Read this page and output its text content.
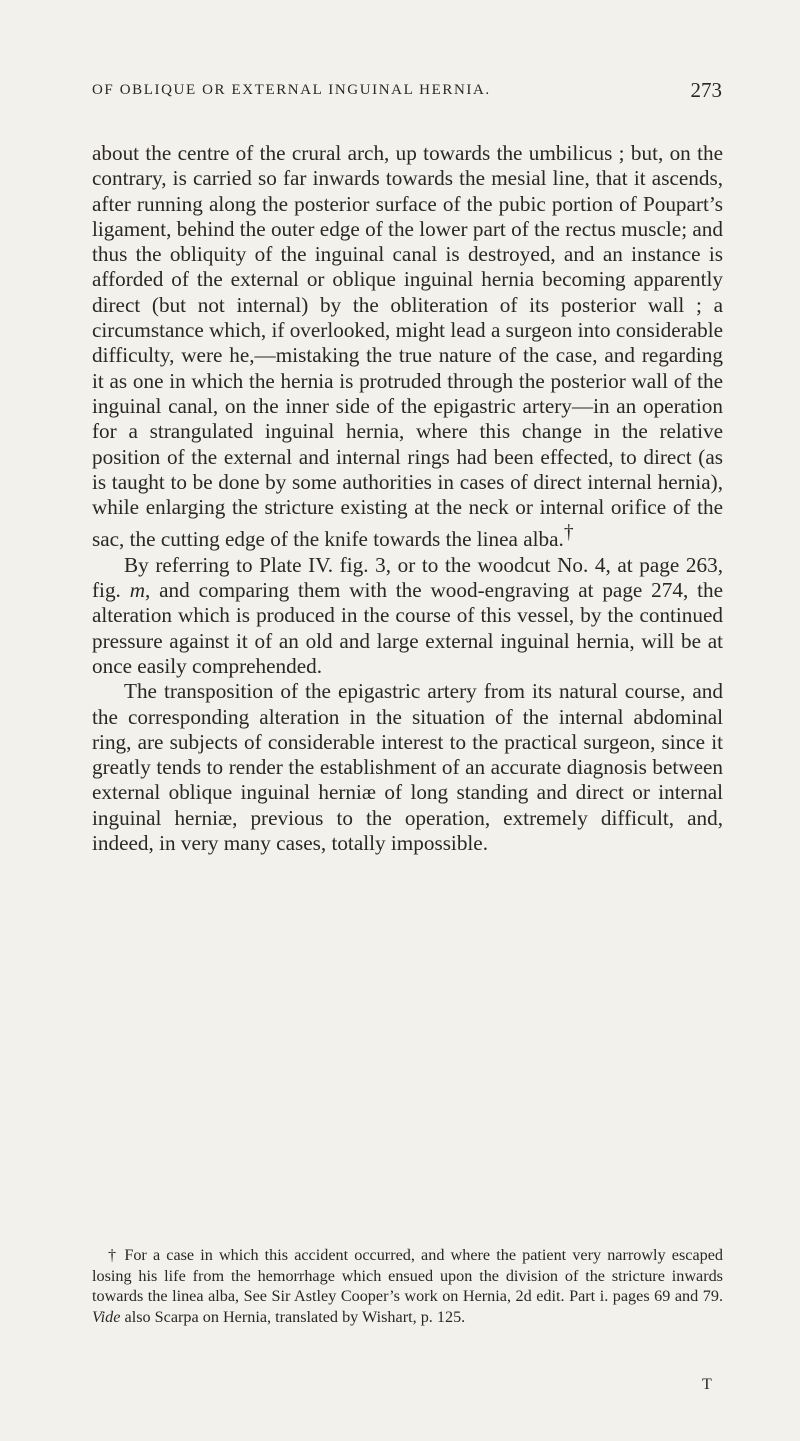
OF OBLIQUE OR EXTERNAL INGUINAL HERNIA.	273

about the centre of the crural arch, up towards the umbilicus ; but, on the contrary, is carried so far inwards towards the mesial line, that it ascends, after running along the posterior surface of the pubic portion of Poupart’s ligament, behind the outer edge of the lower part of the rectus muscle; and thus the obliquity of the inguinal canal is destroyed, and an instance is afforded of the external or oblique inguinal hernia becoming apparently direct (but not internal) by the obliteration of its posterior wall ; a circumstance which, if overlooked, might lead a surgeon into considerable difficulty, were he,—mistaking the true nature of the case, and regarding it as one in which the hernia is protruded through the posterior wall of the inguinal canal, on the inner side of the epigastric artery—in an operation for a strangulated inguinal hernia, where this change in the relative position of the external and internal rings had been effected, to direct (as is taught to be done by some authorities in cases of direct internal hernia), while enlarging the stricture existing at the neck or internal orifice of the sac, the cutting edge of the knife towards the linea alba.†

By referring to Plate IV. fig. 3, or to the woodcut No. 4, at page 263, fig. m, and comparing them with the wood-engraving at page 274, the alteration which is produced in the course of this vessel, by the continued pressure against it of an old and large external inguinal hernia, will be at once easily comprehended.

The transposition of the epigastric artery from its natural course, and the corresponding alteration in the situation of the internal abdominal ring, are subjects of considerable interest to the practical surgeon, since it greatly tends to render the establishment of an accurate diagnosis between external oblique inguinal herniæ of long standing and direct or internal inguinal herniæ, previous to the operation, extremely difficult, and, indeed, in very many cases, totally impossible.

† For a case in which this accident occurred, and where the patient very narrowly escaped losing his life from the hemorrhage which ensued upon the division of the stricture inwards towards the linea alba, See Sir Astley Cooper’s work on Hernia, 2d edit. Part i. pages 69 and 79. Vide also Scarpa on Hernia, translated by Wishart, p. 125.
T
